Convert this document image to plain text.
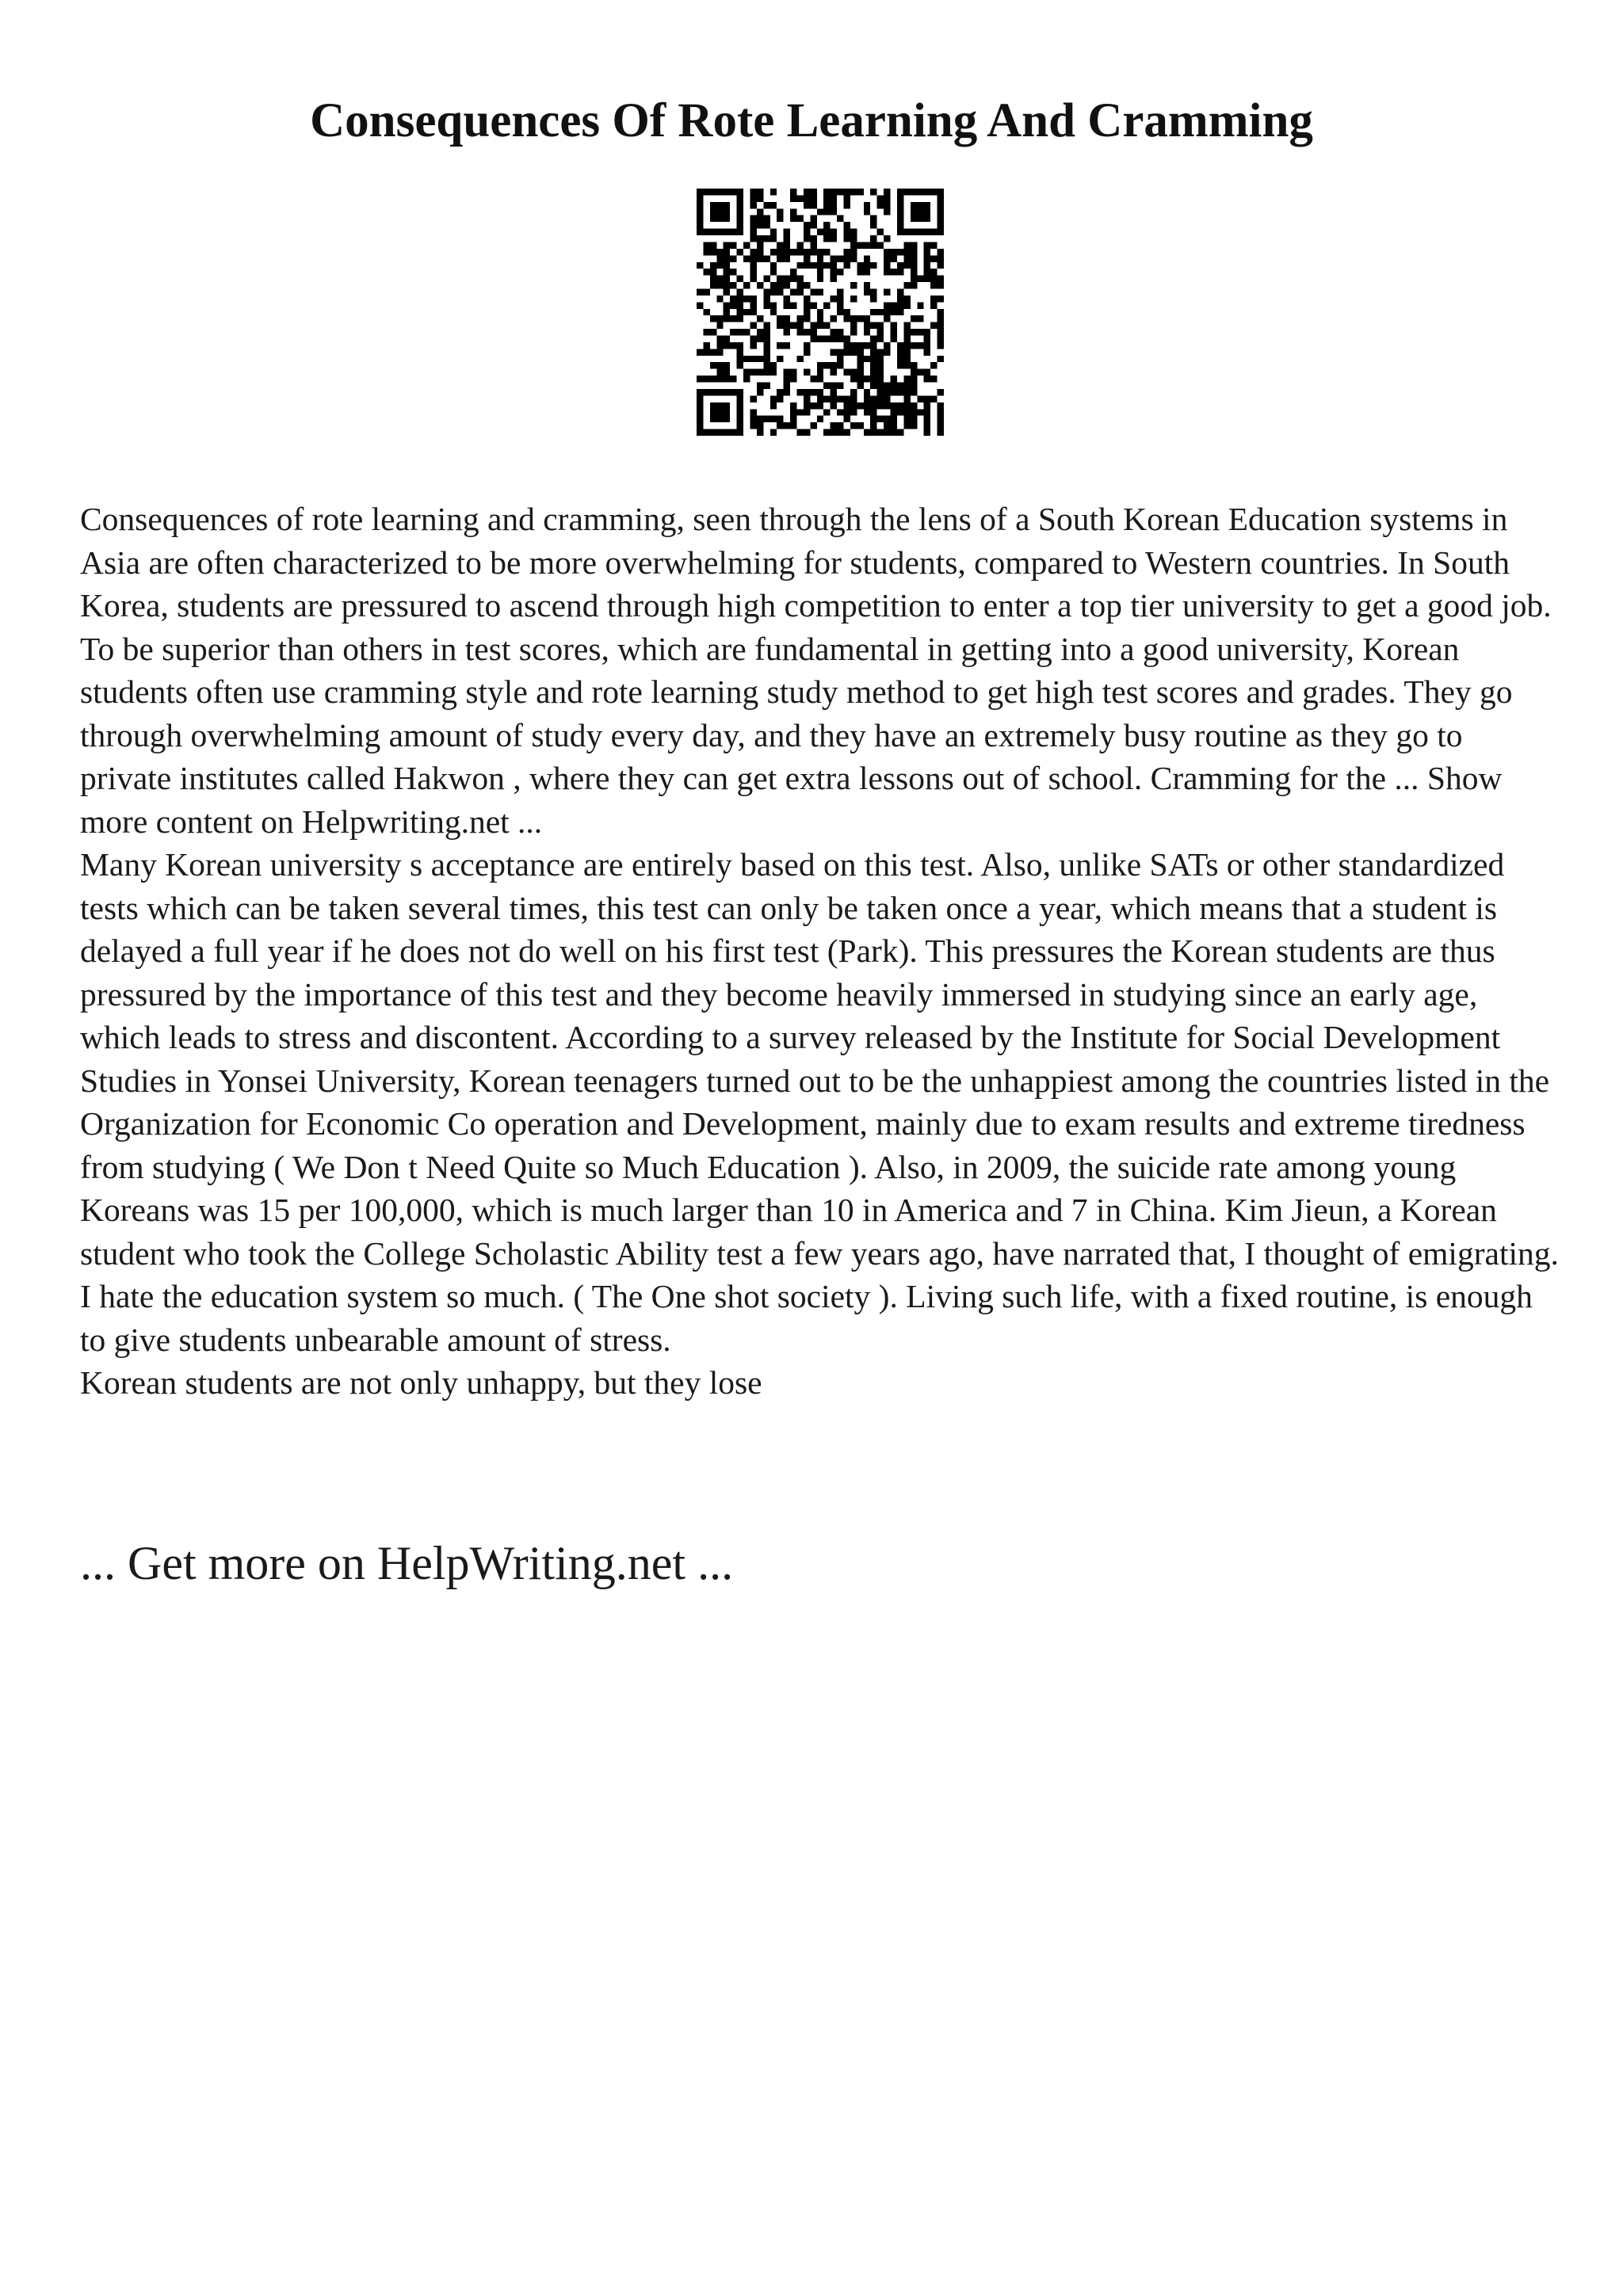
Consequences Of Rote Learning And Cramming

Consequences of rote learning and cramming, seen through the lens of a South Korean Education systems in Asia are often characterized to be more overwhelming for students, compared to Western countries. In South Korea, students are pressured to ascend through high competition to enter a top tier university to get a good job. To be superior than others in test scores, which are fundamental in getting into a good university, Korean students often use cramming style and rote learning study method to get high test scores and grades. They go through overwhelming amount of study every day, and they have an extremely busy routine as they go to private institutes called Hakwon , where they can get extra lessons out of school. Cramming for the ... Show more content on Helpwriting.net ...

Many Korean university s acceptance are entirely based on this test. Also, unlike SATs or other standardized tests which can be taken several times, this test can only be taken once a year, which means that a student is delayed a full year if he does not do well on his first test (Park). This pressures the Korean students are thus pressured by the importance of this test and they become heavily immersed in studying since an early age, which leads to stress and discontent. According to a survey released by the Institute for Social Development Studies in Yonsei University, Korean teenagers turned out to be the unhappiest among the countries listed in the Organization for Economic Co operation and Development, mainly due to exam results and extreme tiredness from studying ( We Don t Need Quite so Much Education ). Also, in 2009, the suicide rate among young Koreans was 15 per 100,000, which is much larger than 10 in America and 7 in China. Kim Jieun, a Korean student who took the College Scholastic Ability test a few years ago, have narrated that, I thought of emigrating. I hate the education system so much. ( The One shot society ). Living such life, with a fixed routine, is enough to give students unbearable amount of stress.

Korean students are not only unhappy, but they lose

... Get more on HelpWriting.net ...
